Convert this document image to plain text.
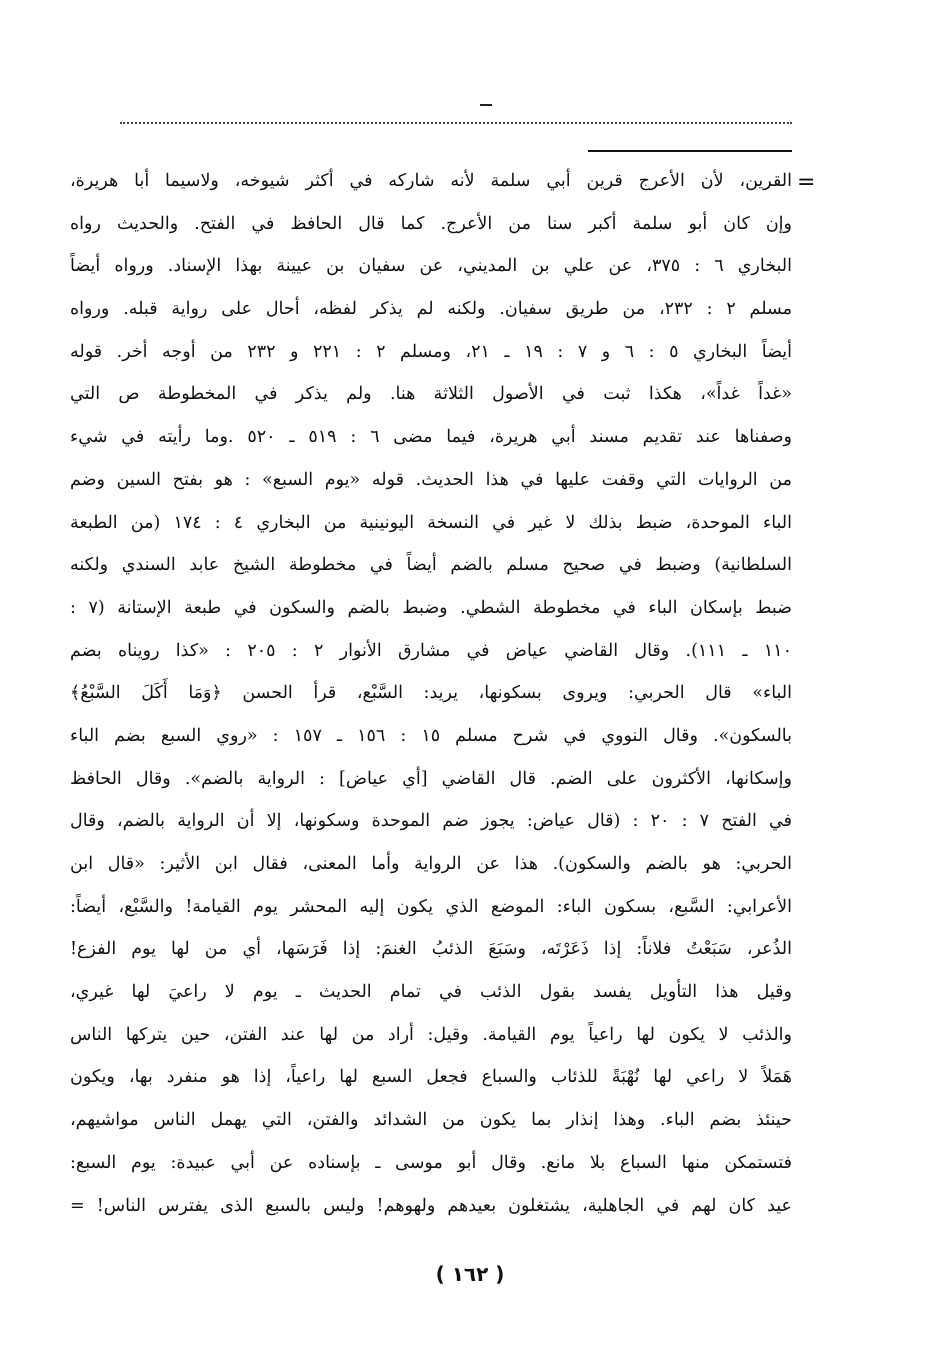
=
القرين، لأن الأعرج قرين أبي سلمة لأنه شاركه في أكثر شيوخه، ولاسيما أبا هريرة،
وإن كان أبو سلمة أكبر سنا من الأعرج. كما قال الحافظ في الفتح. والحديث رواه
البخاري ٦ : ٣٧٥، عن علي بن المديني، عن سفيان بن عيينة بهذا الإسناد. ورواه أيضاً
مسلم ٢ : ٢٣٢، من طريق سفيان. ولكنه لم يذكر لفظه، أحال على رواية قبله. ورواه
أيضاً البخاري ٥ : ٦ و ٧ : ١٩ ـ ٢١، ومسلم ٢ : ٢٢١ و ٢٣٢ من أوجه أخر. قوله
«غداً غداً»، هكذا ثبت في الأصول الثلاثة هنا. ولم يذكر في المخطوطة ص التي
وصفناها عند تقديم مسند أبي هريرة، فيما مضى ٦ : ٥١٩ ـ ٥٢٠ .وما رأيته في شيء
من الروايات التي وقفت عليها في هذا الحديث. قوله «يوم السبع» : هو بفتح السين وضم
الباء الموحدة، ضبط بذلك لا غير في النسخة اليونينية من البخاري ٤ : ١٧٤ (من الطبعة
السلطانية) وضبط في صحيح مسلم بالضم أيضاً في مخطوطة الشيخ عابد السندي ولكنه
ضبط بإسكان الباء في مخطوطة الشطي. وضبط بالضم والسكون في طبعة الإستانة (٧ :
١١٠ ـ ١١١). وقال القاضي عياض في مشارق الأنوار ٢ : ٢٠٥ : «كذا رويناه بضم
الباء» قال الحربي: ويروى بسكونها، يريد: السَّبْع، قرأ الحسن ﴿وَمَا أَكَلَ السَّبْعُ﴾
بالسكون». وقال النووي في شرح مسلم ١٥ : ١٥٦ ـ ١٥٧ : «روي السبع بضم الباء
وإسكانها، الأكثرون على الضم. قال القاضي [أي عياض] : الرواية بالضم». وقال الحافظ
في الفتح ٧ : ٢٠ : (قال عياض: يجوز ضم الموحدة وسكونها، إلا أن الرواية بالضم، وقال
الحربي: هو بالضم والسكون). هذا عن الرواية وأما المعنى، فقال ابن الأثير: «قال ابن
الأعرابي: السَّبع، بسكون الباء: الموضع الذي يكون إليه المحشر يوم القيامة! والسَّبْع، أيضاً:
الذُعر، سَبَعْتُ فلاناً: إذا ذَعَرْتَه، وسَبَعَ الذئبُ الغنمَ: إذا فَرَسَها، أي من لها يوم الفزع!
وقيل هذا التأويل يفسد بقول الذئب في تمام الحديث ـ يوم لا راعيَ لها غيري،
والذئب لا يكون لها راعياً يوم القيامة. وقيل: أراد من لها عند الفتن، حين يتركها الناس
هَمَلاً لا راعي لها نُهْبَةً للذئاب والسباع فجعل السبع لها راعياً، إذا هو منفرد بها، ويكون
حينئذ بضم الباء. وهذا إنذار بما يكون من الشدائد والفتن، التي يهمل الناس مواشيهم،
فتستمكن منها السباع بلا مانع. وقال أبو موسى ـ بإسناده عن أبي عبيدة: يوم السبع:
عيد كان لهم في الجاهلية، يشتغلون بعيدهم ولهوهم! وليس بالسبع الذى يفترس الناس! =
( ١٦٢ )
